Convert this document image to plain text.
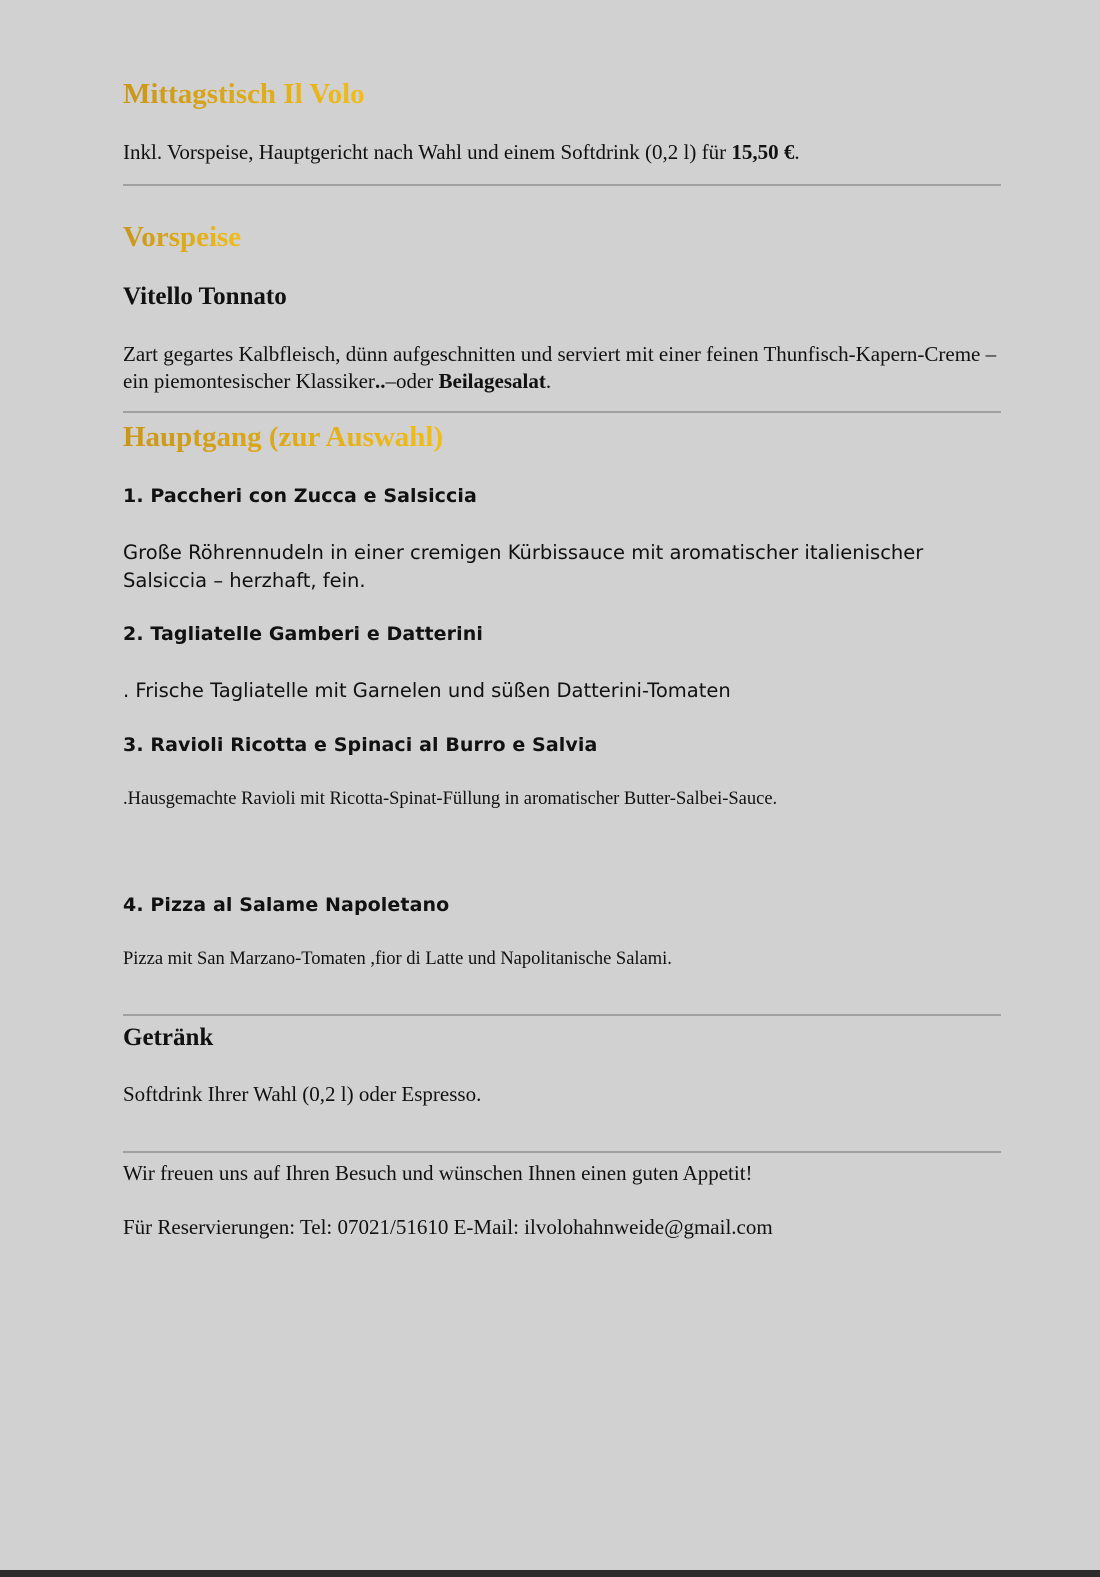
Mittagstisch Il Volo
Inkl. Vorspeise, Hauptgericht nach Wahl und einem Softdrink (0,2 l) für 15,50 €.
Vorspeise
Vitello Tonnato
Zart gegartes Kalbfleisch, dünn aufgeschnitten und serviert mit einer feinen Thunfisch-Kapern-Creme – ein piemontesischer Klassiker..–oder Beilagesalat.
Hauptgang (zur Auswahl)
1. Paccheri con Zucca e Salsiccia
Große Röhrennudeln in einer cremigen Kürbissauce mit aromatischer italienischer Salsiccia – herzhaft, fein.
2. Tagliatelle Gamberi e Datterini
. Frische Tagliatelle mit Garnelen und süßen Datterini-Tomaten
3. Ravioli Ricotta e Spinaci al Burro e Salvia
.Hausgemachte Ravioli mit Ricotta-Spinat-Füllung in aromatischer Butter-Salbei-Sauce.
4. Pizza al Salame Napoletano
Pizza mit San Marzano-Tomaten ,fior di Latte und Napolitanische Salami.
Getränk
Softdrink Ihrer Wahl (0,2 l) oder Espresso.
Wir freuen uns auf Ihren Besuch und wünschen Ihnen einen guten Appetit!
Für Reservierungen: Tel: 07021/51610 E-Mail: ilvolohahnweide@gmail.com
